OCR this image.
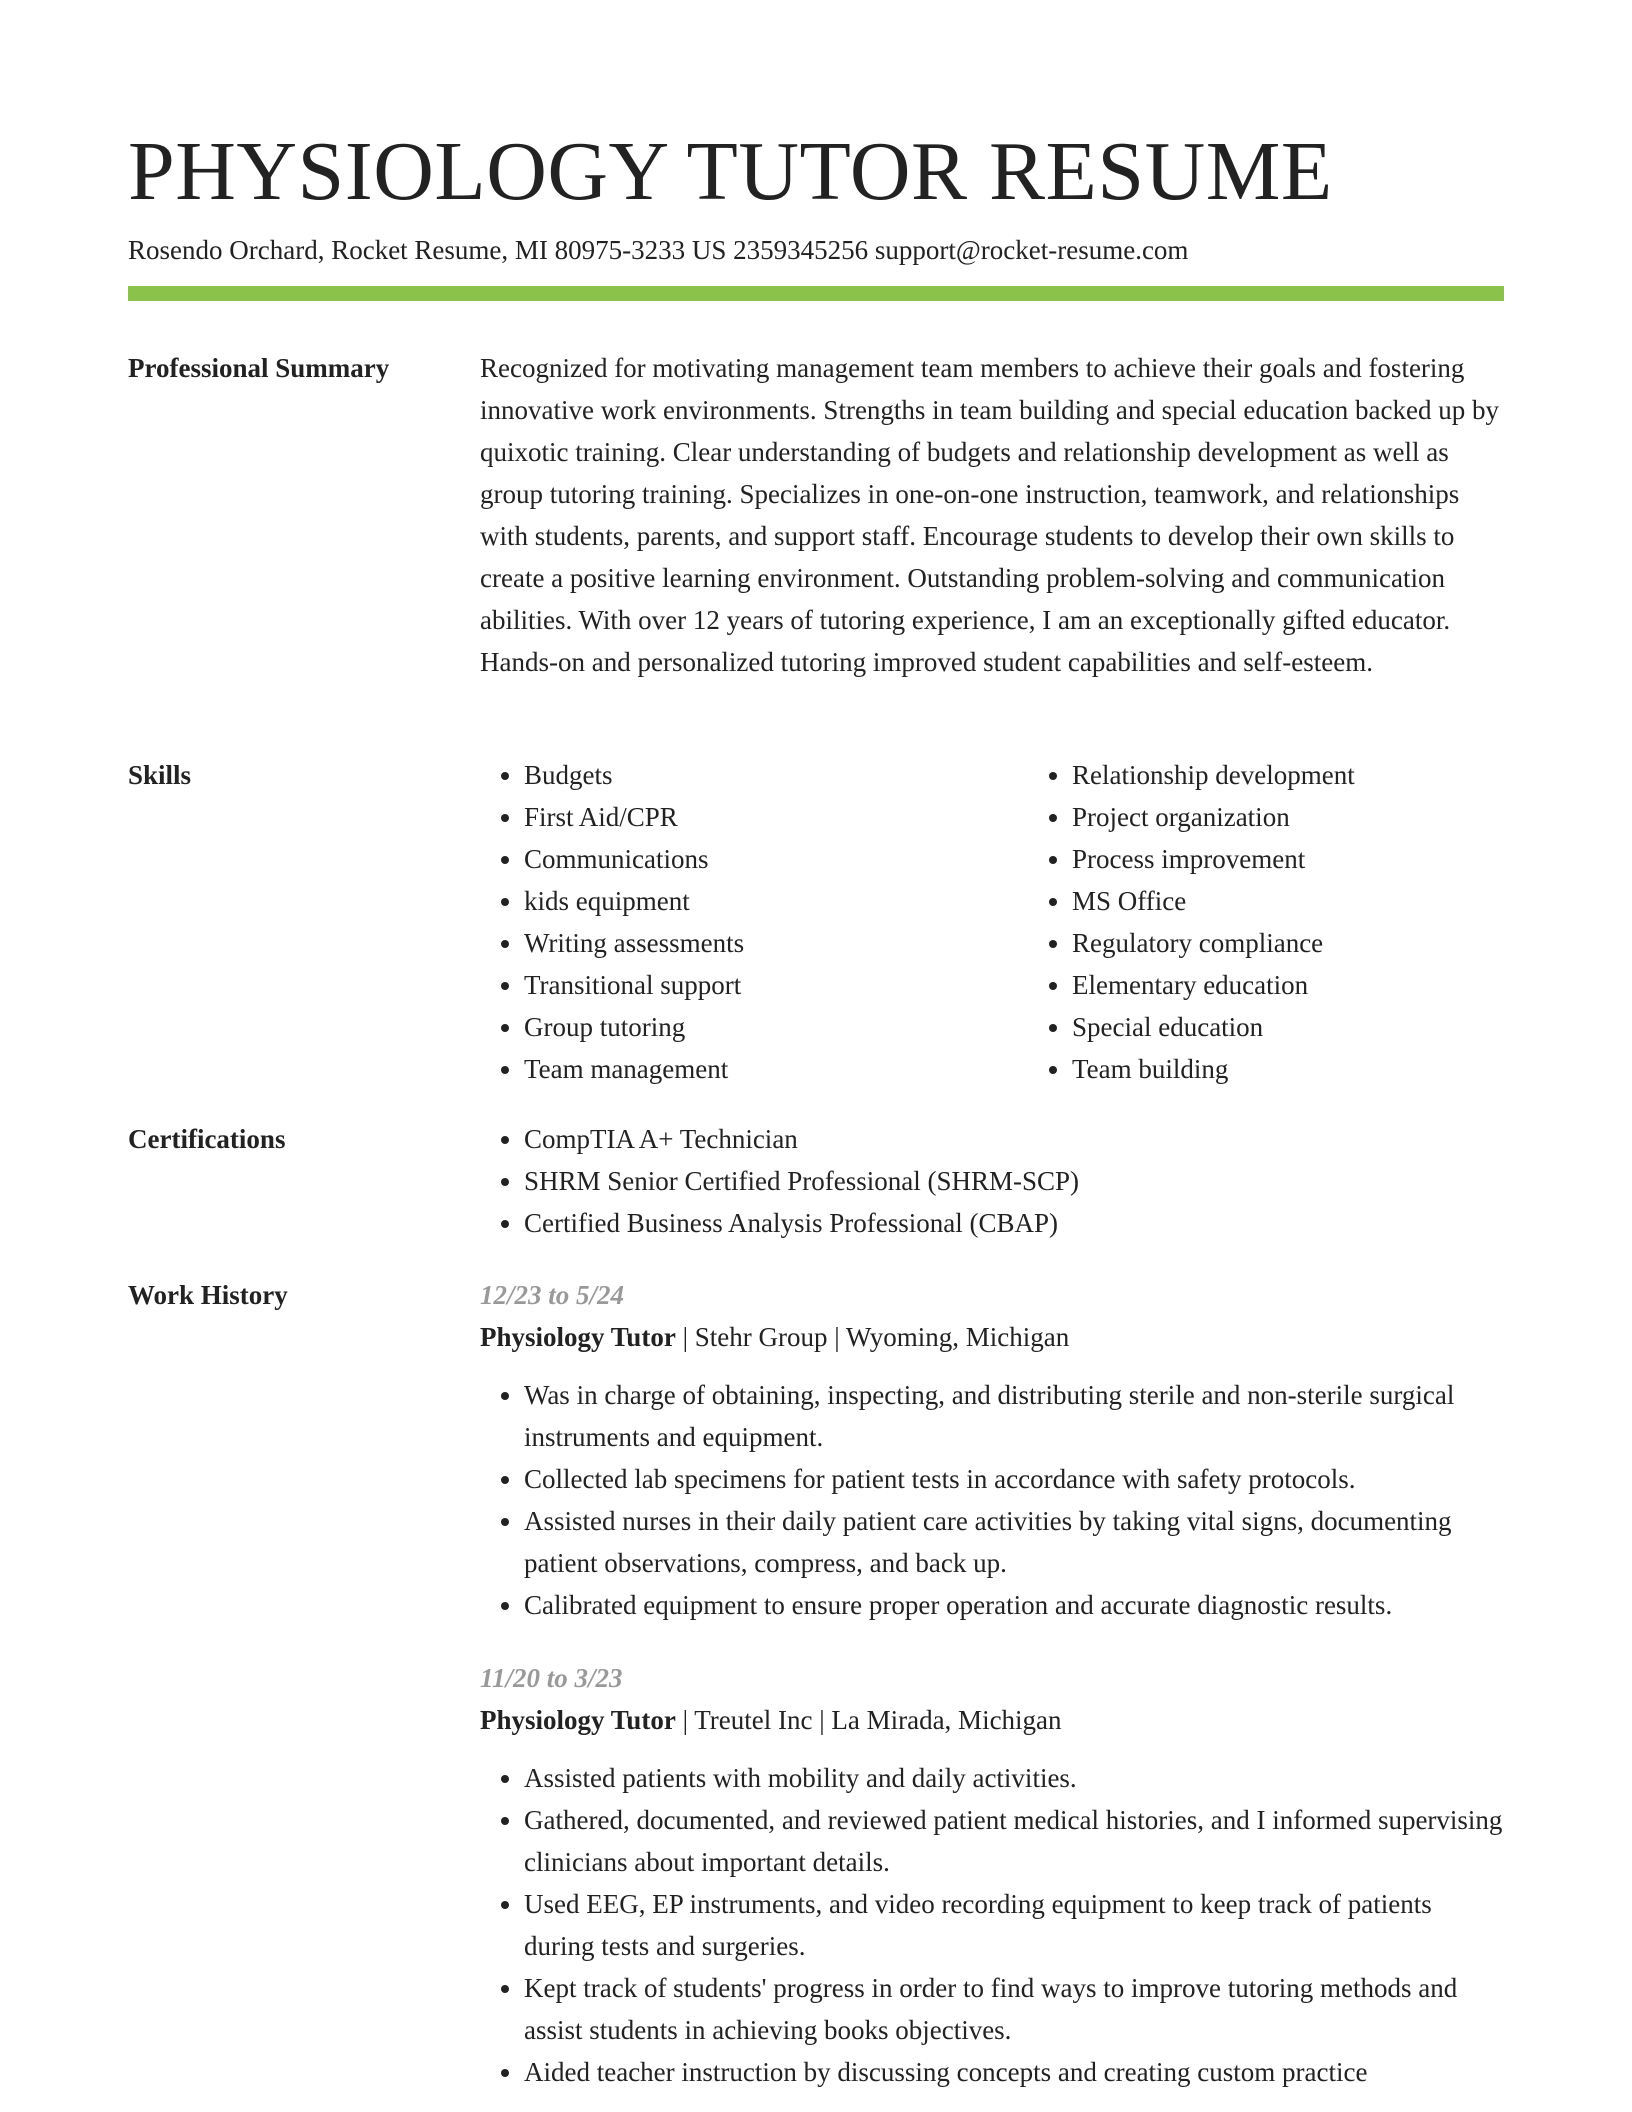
PHYSIOLOGY TUTOR RESUME
Rosendo Orchard, Rocket Resume, MI 80975-3233 US 2359345256 support@rocket-resume.com
Professional Summary	Recognized for motivating management team members to achieve their goals and fostering innovative work environments. Strengths in team building and special education backed up by quixotic training. Clear understanding of budgets and relationship development as well as group tutoring training. Specializes in one-on-one instruction, teamwork, and relationships with students, parents, and support staff. Encourage students to develop their own skills to create a positive learning environment. Outstanding problem-solving and communication abilities. With over 12 years of tutoring experience, I am an exceptionally gifted educator. Hands-on and personalized tutoring improved student capabilities and self-esteem.
Skills	• Budgets
• First Aid/CPR
• Communications
• kids equipment
• Writing assessments
• Transitional support
• Group tutoring
• Team management
• Relationship development
• Project organization
• Process improvement
• MS Office
• Regulatory compliance
• Elementary education
• Special education
• Team building
Certifications	• CompTIA A+ Technician
• SHRM Senior Certified Professional (SHRM-SCP)
• Certified Business Analysis Professional (CBAP)
Work History	12/23 to 5/24
Physiology Tutor | Stehr Group | Wyoming, Michigan
• Was in charge of obtaining, inspecting, and distributing sterile and non-sterile surgical instruments and equipment.
• Collected lab specimens for patient tests in accordance with safety protocols.
• Assisted nurses in their daily patient care activities by taking vital signs, documenting patient observations, compress, and back up.
• Calibrated equipment to ensure proper operation and accurate diagnostic results.
11/20 to 3/23
Physiology Tutor | Treutel Inc | La Mirada, Michigan
• Assisted patients with mobility and daily activities.
• Gathered, documented, and reviewed patient medical histories, and I informed supervising clinicians about important details.
• Used EEG, EP instruments, and video recording equipment to keep track of patients during tests and surgeries.
• Kept track of students' progress in order to find ways to improve tutoring methods and assist students in achieving books objectives.
• Aided teacher instruction by discussing concepts and creating custom practice
